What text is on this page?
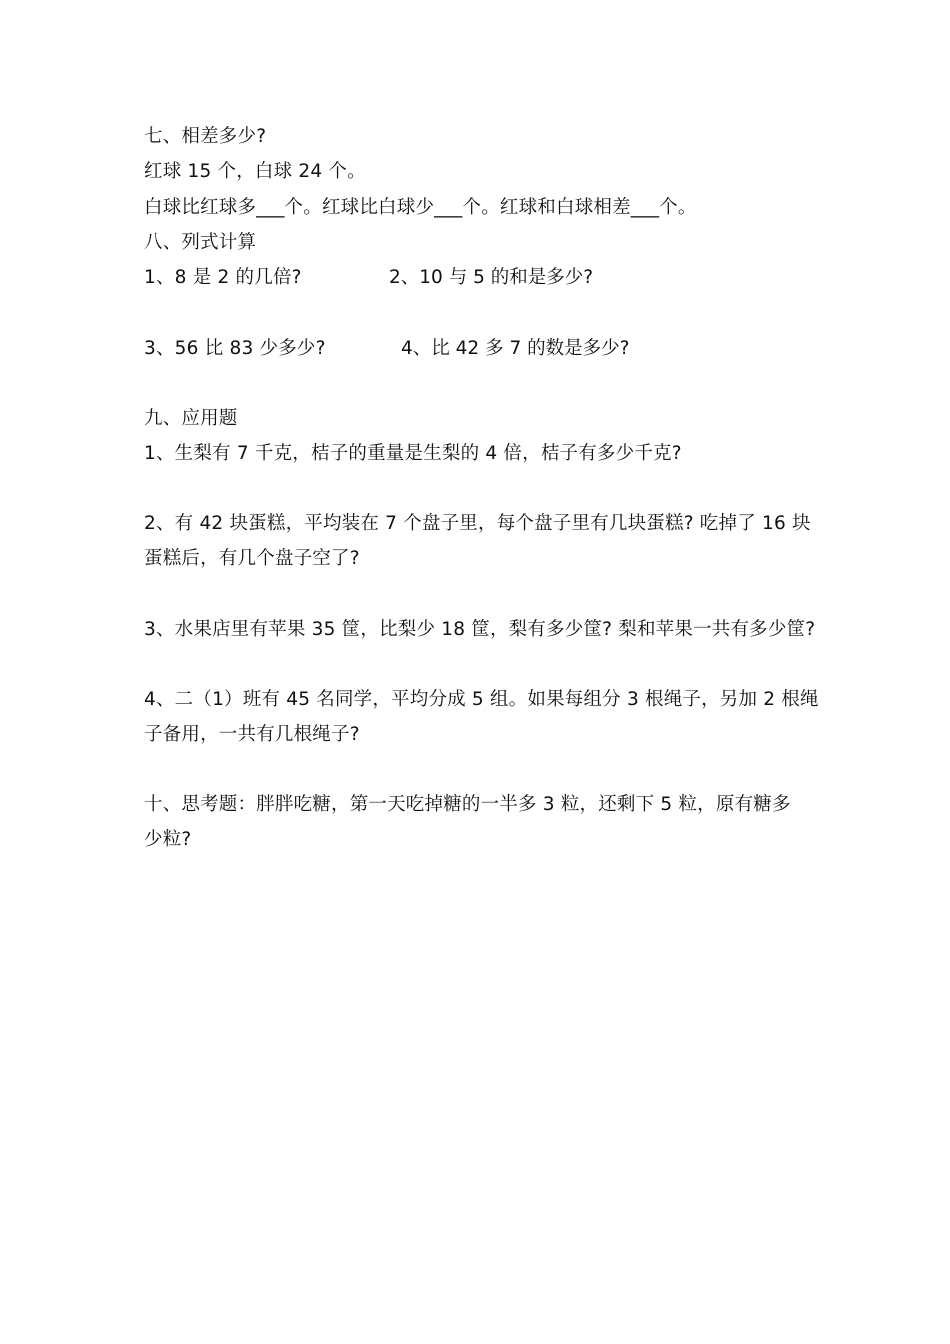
七、相差多少?
红球 15 个，白球 24 个。
白球比红球多___个。红球比白球少___个。红球和白球相差___个。
八、列式计算
1、8 是 2 的几倍?	2、10 与 5 的和是多少?
3、56 比 83 少多少?	4、比 42 多 7 的数是多少?
九、应用题
1、生梨有 7 千克，桔子的重量是生梨的 4 倍，桔子有多少千克?
2、有 42 块蛋糕，平均装在 7 个盘子里，每个盘子里有几块蛋糕? 吃掉了 16 块
蛋糕后，有几个盘子空了?
3、水果店里有苹果 35 筐，比梨少 18 筐，梨有多少筐? 梨和苹果一共有多少筐?
4、二（1）班有 45 名同学，平均分成 5 组。如果每组分 3 根绳子，另加 2 根绳
子备用，一共有几根绳子?
十、思考题：胖胖吃糖，第一天吃掉糖的一半多 3 粒，还剩下 5 粒，原有糖多
少粒?
